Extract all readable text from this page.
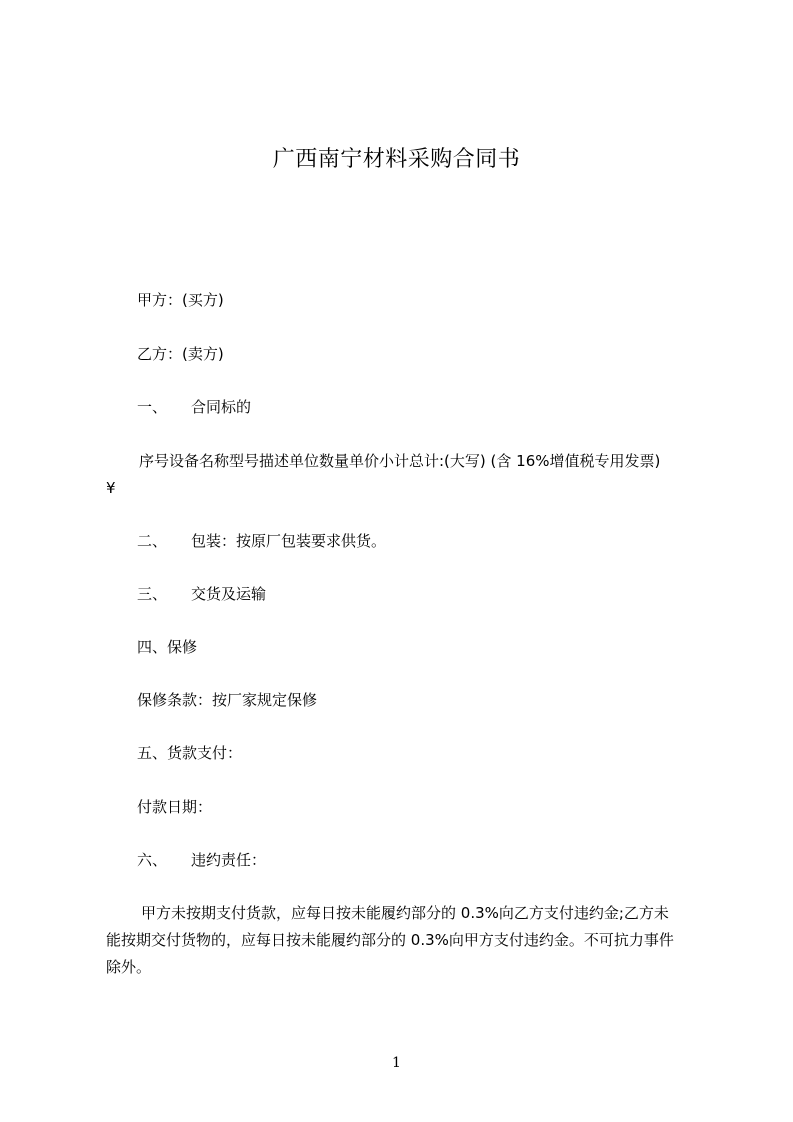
广西南宁材料采购合同书
甲方：(买方)
乙方：(卖方)
一、 合同标的
序号设备名称型号描述单位数量单价小计总计:(大写) (含 16%增值税专用发票)
¥
二、 包装：按原厂包装要求供货。
三、 交货及运输
四、保修
保修条款：按厂家规定保修
五、货款支付：
付款日期：
六、 违约责任：
甲方未按期支付货款，应每日按未能履约部分的 0.3%向乙方支付违约金;乙方未
能按期交付货物的，应每日按未能履约部分的 0.3%向甲方支付违约金。不可抗力事件
除外。
1
